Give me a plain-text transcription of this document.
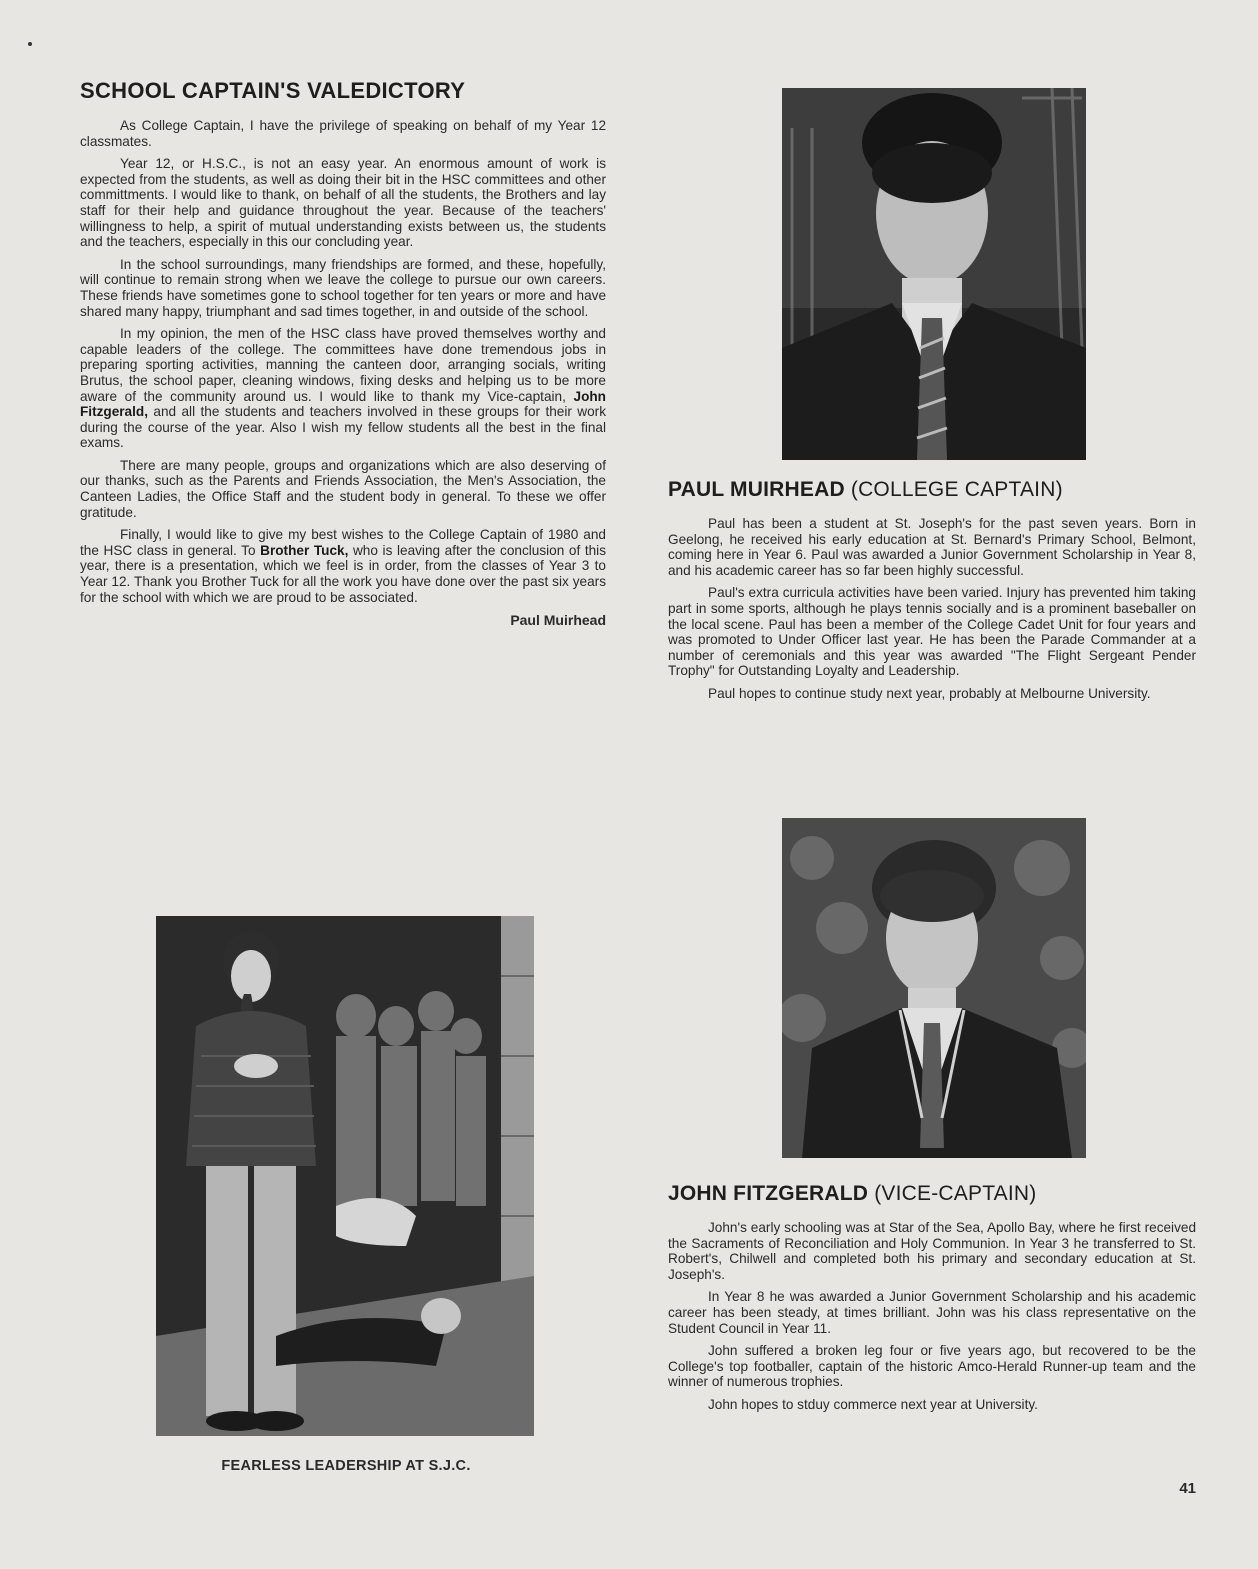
SCHOOL CAPTAIN'S VALEDICTORY

As College Captain, I have the privilege of speaking on behalf of my Year 12 classmates.

Year 12, or H.S.C., is not an easy year. An enormous amount of work is expected from the students, as well as doing their bit in the HSC committees and other committments. I would like to thank, on behalf of all the students, the Brothers and lay staff for their help and guidance throughout the year. Because of the teachers' willingness to help, a spirit of mutual understanding exists between us, the students and the teachers, especially in this our concluding year.

In the school surroundings, many friendships are formed, and these, hopefully, will continue to remain strong when we leave the college to pursue our own careers. These friends have sometimes gone to school together for ten years or more and have shared many happy, triumphant and sad times together, in and outside of the school.

In my opinion, the men of the HSC class have proved themselves worthy and capable leaders of the college. The committees have done tremendous jobs in preparing sporting activities, manning the canteen door, arranging socials, writing Brutus, the school paper, cleaning windows, fixing desks and helping us to be more aware of the community around us. I would like to thank my Vice-captain, John Fitzgerald, and all the students and teachers involved in these groups for their work during the course of the year. Also I wish my fellow students all the best in the final exams.

There are many people, groups and organizations which are also deserving of our thanks, such as the Parents and Friends Association, the Men's Association, the Canteen Ladies, the Office Staff and the student body in general. To these we offer gratitude.

Finally, I would like to give my best wishes to the College Captain of 1980 and the HSC class in general. To Brother Tuck, who is leaving after the conclusion of this year, there is a presentation, which we feel is in order, from the classes of Year 3 to Year 12. Thank you Brother Tuck for all the work you have done over the past six years for the school with which we are proud to be associated.

Paul Muirhead
PAUL MUIRHEAD (COLLEGE CAPTAIN)

Paul has been a student at St. Joseph's for the past seven years. Born in Geelong, he received his early education at St. Bernard's Primary School, Belmont, coming here in Year 6. Paul was awarded a Junior Government Scholarship in Year 8, and his academic career has so far been highly successful.

Paul's extra curricula activities have been varied. Injury has prevented him taking part in some sports, although he plays tennis socially and is a prominent baseballer on the local scene. Paul has been a member of the College Cadet Unit for four years and was promoted to Under Officer last year. He has been the Parade Commander at a number of ceremonials and this year was awarded "The Flight Sergeant Pender Trophy" for Outstanding Loyalty and Leadership.

Paul hopes to continue study next year, probably at Melbourne University.

JOHN FITZGERALD (VICE-CAPTAIN)

John's early schooling was at Star of the Sea, Apollo Bay, where he first received the Sacraments of Reconciliation and Holy Communion. In Year 3 he transferred to St. Robert's, Chilwell and completed both his primary and secondary education at St. Joseph's.

In Year 8 he was awarded a Junior Government Scholarship and his academic career has been steady, at times brilliant. John was his class representative on the Student Council in Year 11.

John suffered a broken leg four or five years ago, but recovered to be the College's top footballer, captain of the historic Amco-Herald Runner-up team and the winner of numerous trophies.

John hopes to stduy commerce next year at University.

FEARLESS LEADERSHIP AT S.J.C.
41
